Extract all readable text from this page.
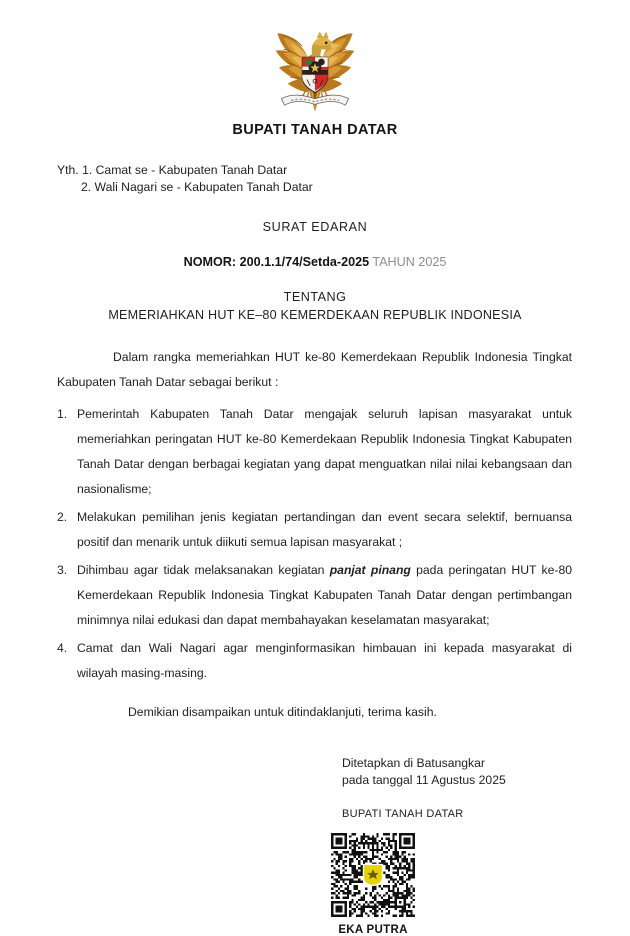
BUPATI TANAH DATAR
Yth. 1. Camat se - Kabupaten Tanah Datar
2. Wali Nagari se - Kabupaten Tanah Datar
SURAT EDARAN
NOMOR: 200.1.1/74/Setda-2025 TAHUN 2025
TENTANG
MEMERIAHKAN HUT KE–80 KEMERDEKAAN REPUBLIK INDONESIA
Dalam rangka memeriahkan HUT ke-80 Kemerdekaan Republik Indonesia Tingkat Kabupaten Tanah Datar sebagai berikut :
1. Pemerintah Kabupaten Tanah Datar mengajak seluruh lapisan masyarakat untuk memeriahkan peringatan HUT ke-80 Kemerdekaan Republik Indonesia Tingkat Kabupaten Tanah Datar dengan berbagai kegiatan yang dapat menguatkan nilai nilai kebangsaan dan nasionalisme;
2. Melakukan pemilihan jenis kegiatan pertandingan dan event secara selektif, bernuansa positif dan menarik untuk diikuti semua lapisan masyarakat ;
3. Dihimbau agar tidak melaksanakan kegiatan panjat pinang pada peringatan HUT ke-80 Kemerdekaan Republik Indonesia Tingkat Kabupaten Tanah Datar dengan pertimbangan minimnya nilai edukasi dan dapat membahayakan keselamatan masyarakat;
4. Camat dan Wali Nagari agar menginformasikan himbauan ini kepada masyarakat di wilayah masing-masing.
Demikian disampaikan untuk ditindaklanjuti, terima kasih.
Ditetapkan di Batusangkar
pada tanggal 11 Agustus 2025
BUPATI TANAH DATAR
EKA PUTRA
